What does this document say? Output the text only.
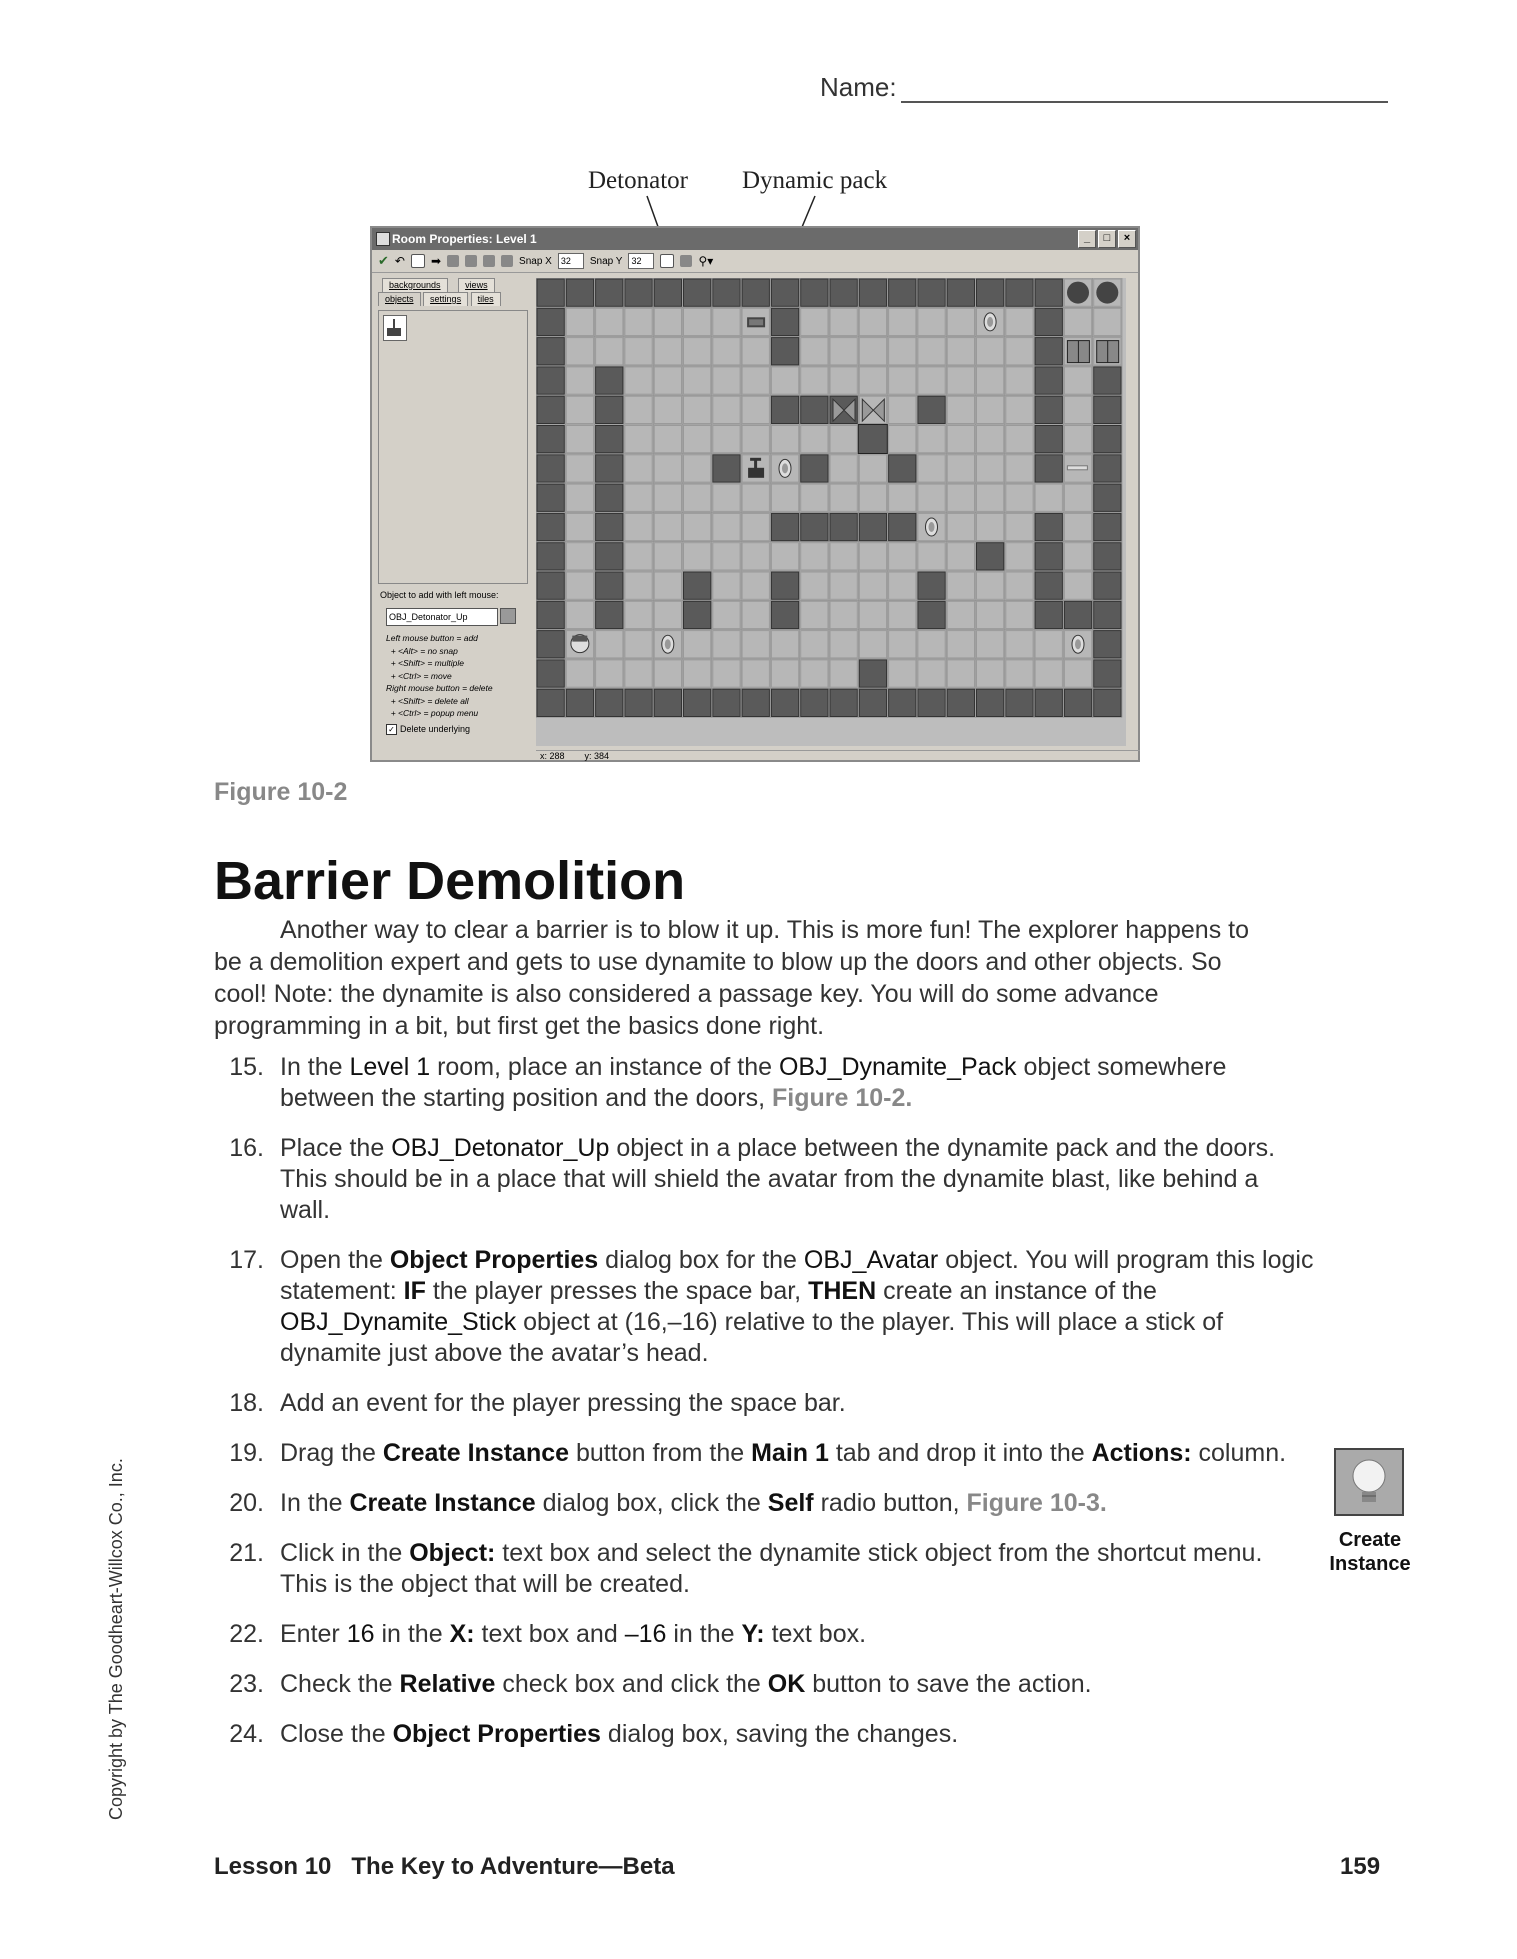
Name:
Detonator Dynamic pack
Room Properties: Level 1	_	□	×
✔ ↶ ➡	Snap X	32	Snap Y	32	⚲▾
backgrounds	views
objects settings tiles
Object to add with left mouse:
OBJ_Detonator_Up
Left mouse button = add
+ <Alt> = no snap
+ <Shift> = multiple
+ <Ctrl> = move
Right mouse button = delete
+ <Shift> = delete all
+ <Ctrl> = popup menu
✓ Delete underlying
x: 288 y: 384
Figure 10-2
Barrier Demolition

Another way to clear a barrier is to blow it up. This is more fun! The explorer happens to be a demolition expert and gets to use dynamite to blow up the doors and other objects. So cool! Note: the dynamite is also considered a passage key. You will do some advance programming in a bit, but first get the basics done right.

15. In the Level 1 room, place an instance of the OBJ_Dynamite_Pack object somewhere between the starting position and the doors, Figure 10-2.
16. Place the OBJ_Detonator_Up object in a place between the dynamite pack and the doors. This should be in a place that will shield the avatar from the dynamite blast, like behind a wall.
17. Open the Object Properties dialog box for the OBJ_Avatar object. You will program this logic statement: IF the player presses the space bar, THEN create an instance of the OBJ_Dynamite_Stick object at (16,–16) relative to the player. This will place a stick of dynamite just above the avatar’s head.
18. Add an event for the player pressing the space bar.
19. Drag the Create Instance button from the Main 1 tab and drop it into the Actions: column.
20. In the Create Instance dialog box, click the Self radio button, Figure 10-3.
21. Click in the Object: text box and select the dynamite stick object from the shortcut menu. This is the object that will be created.
22. Enter 16 in the X: text box and –16 in the Y: text box.
23. Check the Relative check box and click the OK button to save the action.
24. Close the Object Properties dialog box, saving the changes.
Create
Instance
Copyright by The Goodheart-Willcox Co., Inc.
Lesson 10   The Key to Adventure—Beta	159
